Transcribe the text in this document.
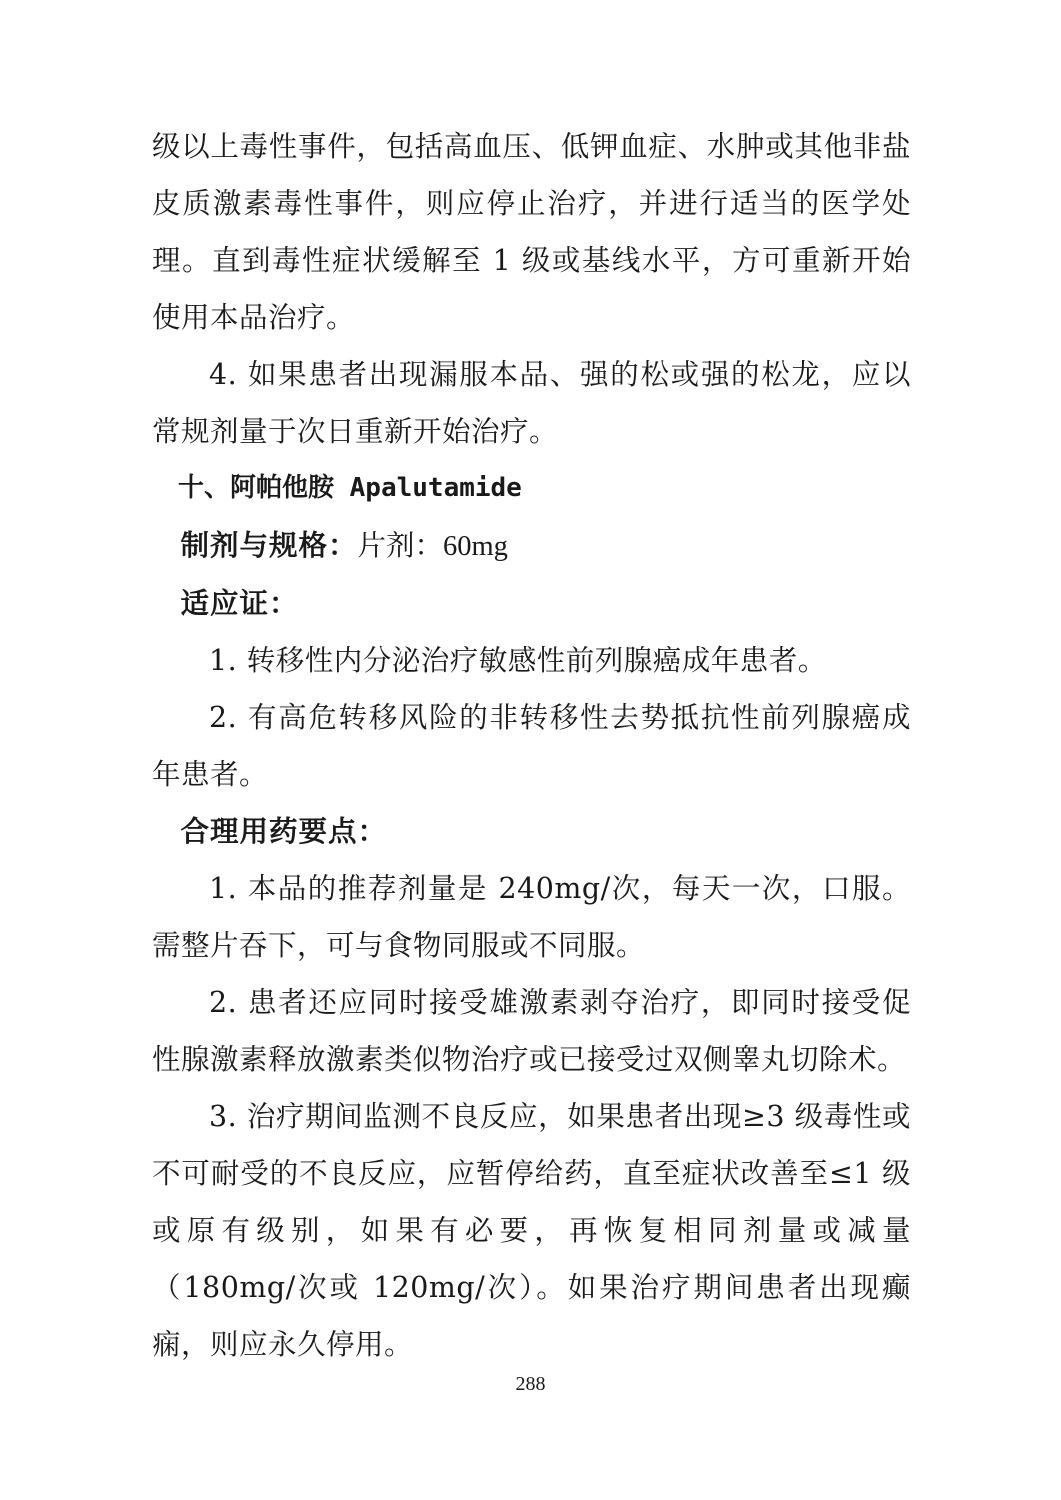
级以上毒性事件，包括高血压、低钾血症、水肿或其他非盐皮质激素毒性事件，则应停止治疗，并进行适当的医学处理。直到毒性症状缓解至 1 级或基线水平，方可重新开始使用本品治疗。

4. 如果患者出现漏服本品、强的松或强的松龙，应以常规剂量于次日重新开始治疗。

十、阿帕他胺 Apalutamide

制剂与规格：片剂：60mg

适应证：

1. 转移性内分泌治疗敏感性前列腺癌成年患者。

2. 有高危转移风险的非转移性去势抵抗性前列腺癌成年患者。

合理用药要点：

1. 本品的推荐剂量是 240mg/次，每天一次，口服。需整片吞下，可与食物同服或不同服。

2. 患者还应同时接受雄激素剥夺治疗，即同时接受促性腺激素释放激素类似物治疗或已接受过双侧睾丸切除术。

3. 治疗期间监测不良反应，如果患者出现≥3 级毒性或不可耐受的不良反应，应暂停给药，直至症状改善至≤1 级或原有级别，如果有必要，再恢复相同剂量或减量（180mg/次或 120mg/次）。如果治疗期间患者出现癫痫，则应永久停用。

288
